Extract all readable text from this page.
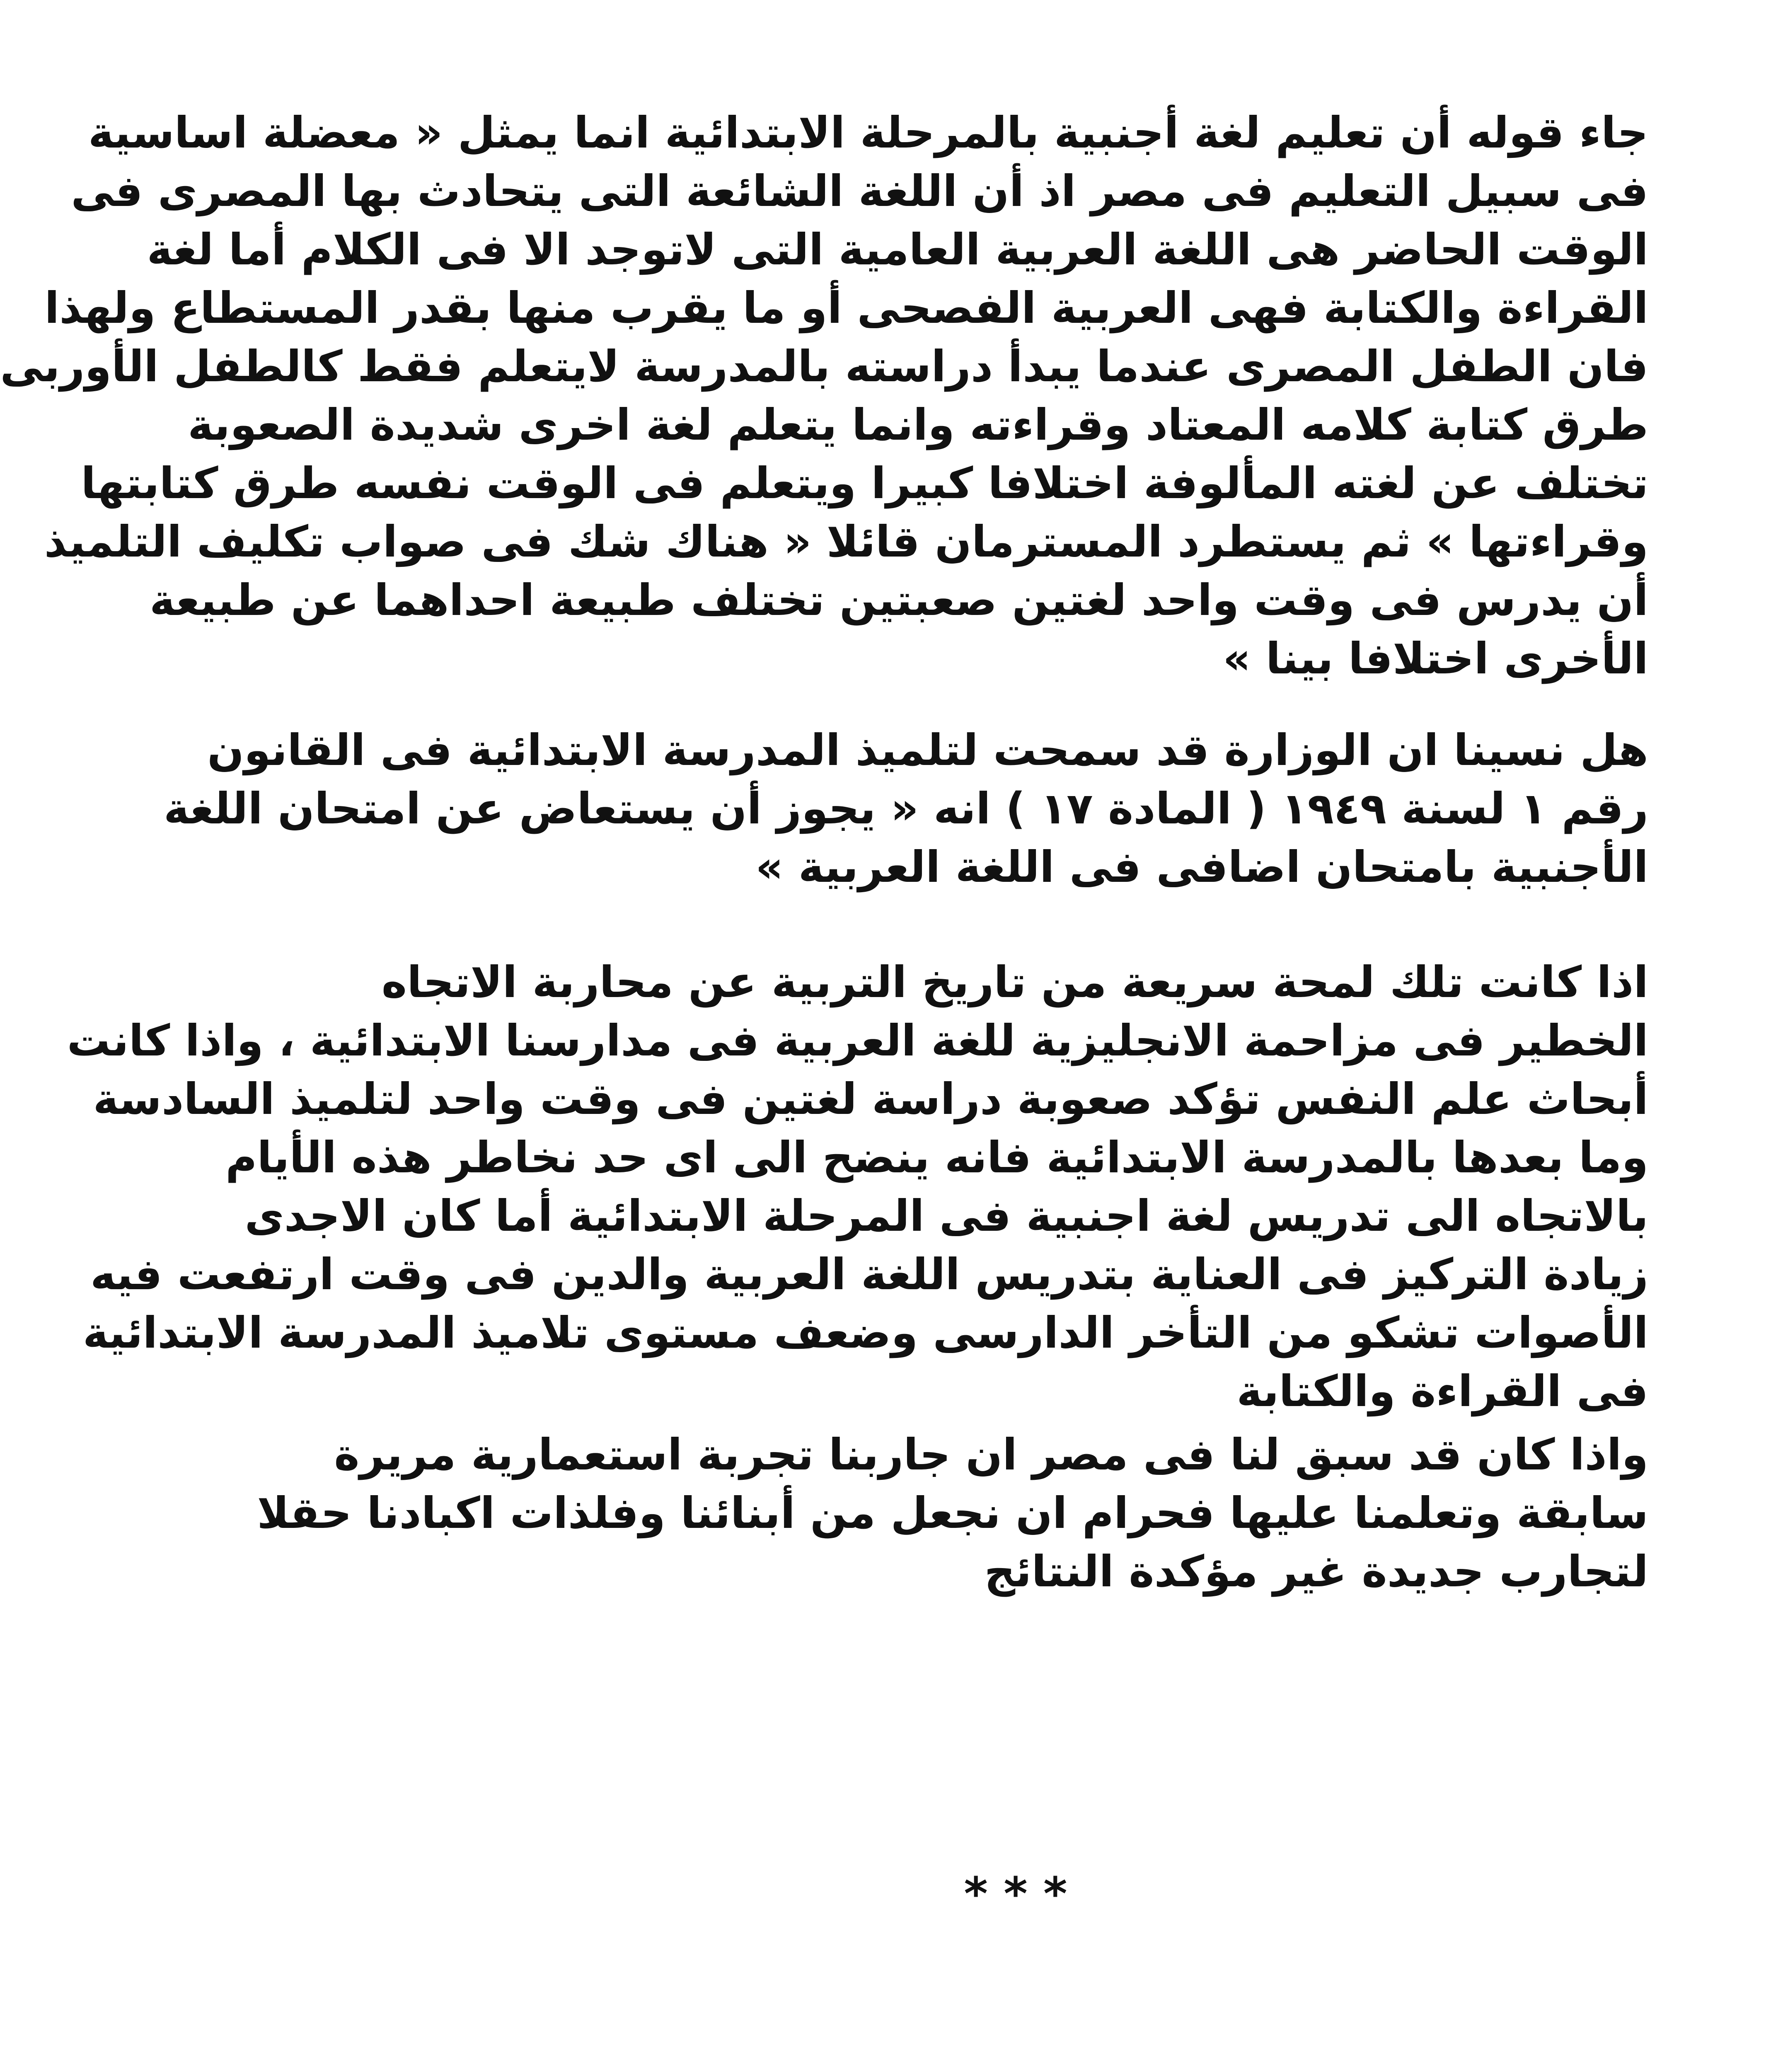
جاء قوله أن تعليم لغة أجنبية بالمرحلة الابتدائية انما يمثل « معضلة اساسية
فى سبيل التعليم فى مصر اذ أن اللغة الشائعة التى يتحادث بها المصرى فى
الوقت الحاضر هى اللغة العربية العامية التى لاتوجد الا فى الكلام أما لغة
القراءة والكتابة فهى العربية الفصحى أو ما يقرب منها بقدر المستطاع ولهذا
فان الطفل المصرى عندما يبدأ دراسته بالمدرسة لايتعلم فقط كالطفل الأوربى
طرق كتابة كلامه المعتاد وقراءته وانما يتعلم لغة اخرى شديدة الصعوبة
تختلف عن لغته المألوفة اختلافا كبيرا ويتعلم فى الوقت نفسه طرق كتابتها
وقراءتها » ثم يستطرد المسترمان قائلا « هناك شك فى صواب تكليف التلميذ
أن يدرس فى وقت واحد لغتين صعبتين تختلف طبيعة احداهما عن طبيعة
الأخرى اختلافا بينا »
هل نسينا ان الوزارة قد سمحت لتلميذ المدرسة الابتدائية فى القانون
رقم ١ لسنة ١٩٤٩ ( المادة ١٧ ) انه « يجوز أن يستعاض عن امتحان اللغة
الأجنبية بامتحان اضافى فى اللغة العربية »
اذا كانت تلك لمحة سريعة من تاريخ التربية عن محاربة الاتجاه
الخطير فى مزاحمة الانجليزية للغة العربية فى مدارسنا الابتدائية ، واذا كانت
أبحاث علم النفس تؤكد صعوبة دراسة لغتين فى وقت واحد لتلميذ السادسة
وما بعدها بالمدرسة الابتدائية فانه ينضح الى اى حد نخاطر هذه الأيام
بالاتجاه الى تدريس لغة اجنبية فى المرحلة الابتدائية أما كان الاجدى
زيادة التركيز فى العناية بتدريس اللغة العربية والدين فى وقت ارتفعت فيه
الأصوات تشكو من التأخر الدارسى وضعف مستوى تلاميذ المدرسة الابتدائية
فى القراءة والكتابة
واذا كان قد سبق لنا فى مصر ان جاربنا تجربة استعمارية مريرة
سابقة وتعلمنا عليها فحرام ان نجعل من أبنائنا وفلذات اكبادنا حقلا
لتجارب جديدة غير مؤكدة النتائج
* * *
